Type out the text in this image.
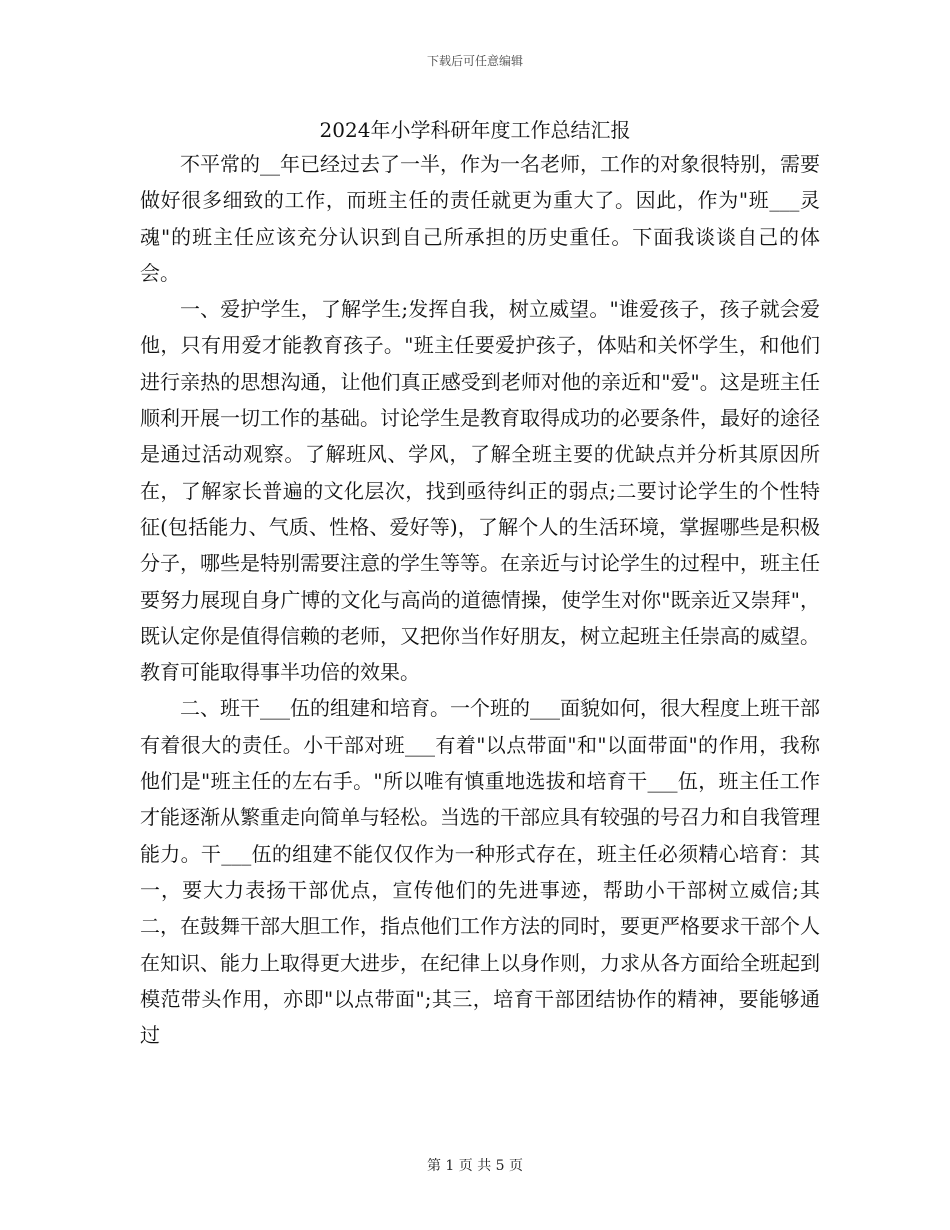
下载后可任意编辑
2024年小学科研年度工作总结汇报

不平常的__年已经过去了一半，作为一名老师，工作的对象很特别，需要做好很多细致的工作，而班主任的责任就更为重大了。因此，作为"班___灵魂"的班主任应该充分认识到自己所承担的历史重任。下面我谈谈自己的体会。

一、爱护学生，了解学生;发挥自我，树立威望。"谁爱孩子，孩子就会爱他，只有用爱才能教育孩子。"班主任要爱护孩子，体贴和关怀学生，和他们进行亲热的思想沟通，让他们真正感受到老师对他的亲近和"爱"。这是班主任顺利开展一切工作的基础。讨论学生是教育取得成功的必要条件，最好的途径是通过活动观察。了解班风、学风，了解全班主要的优缺点并分析其原因所在，了解家长普遍的文化层次，找到亟待纠正的弱点;二要讨论学生的个性特征(包括能力、气质、性格、爱好等)，了解个人的生活环境，掌握哪些是积极分子，哪些是特别需要注意的学生等等。在亲近与讨论学生的过程中，班主任要努力展现自身广博的文化与高尚的道德情操，使学生对你"既亲近又崇拜"，既认定你是值得信赖的老师，又把你当作好朋友，树立起班主任崇高的威望。教育可能取得事半功倍的效果。

二、班干___伍的组建和培育。一个班的___面貌如何，很大程度上班干部有着很大的责任。小干部对班___有着"以点带面"和"以面带面"的作用，我称他们是"班主任的左右手。"所以唯有慎重地选拔和培育干___伍，班主任工作才能逐渐从繁重走向简单与轻松。当选的干部应具有较强的号召力和自我管理能力。干___伍的组建不能仅仅作为一种形式存在，班主任必须精心培育：其一，要大力表扬干部优点，宣传他们的先进事迹，帮助小干部树立威信;其二，在鼓舞干部大胆工作，指点他们工作方法的同时，要更严格要求干部个人在知识、能力上取得更大进步，在纪律上以身作则，力求从各方面给全班起到模范带头作用，亦即"以点带面";其三，培育干部团结协作的精神，要能够通过

第 1 页 共 5 页
